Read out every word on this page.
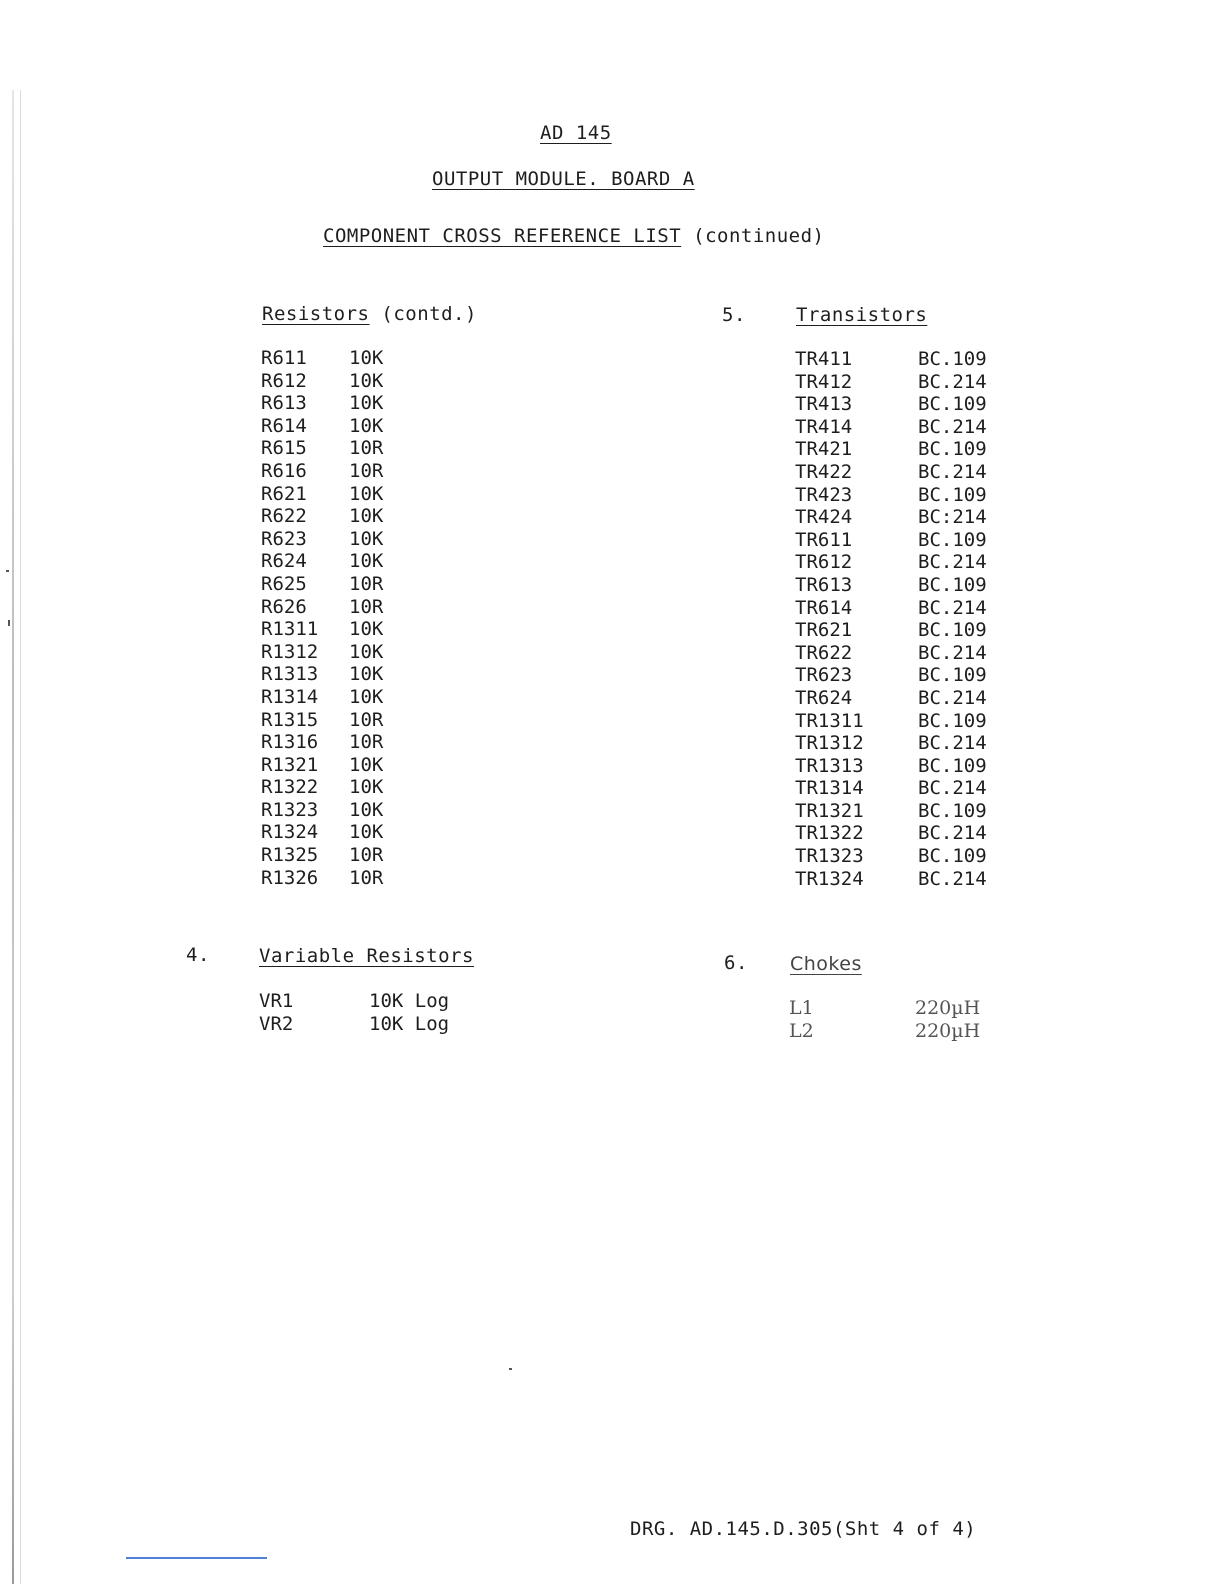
AD 145
OUTPUT MODULE. BOARD A
COMPONENT CROSS REFERENCE LIST (continued)
Resistors (contd.)
R611	10K
R612	10K
R613	10K
R614	10K
R615	10R
R616	10R
R621	10K
R622	10K
R623	10K
R624	10K
R625	10R
R626	10R
R1311	10K
R1312	10K
R1313	10K
R1314	10K
R1315	10R
R1316	10R
R1321	10K
R1322	10K
R1323	10K
R1324	10K
R1325	10R
R1326	10R
5.	Transistors
TR411	BC.109
TR412	BC.214
TR413	BC.109
TR414	BC.214
TR421	BC.109
TR422	BC.214
TR423	BC.109
TR424	BC:214
TR611	BC.109
TR612	BC.214
TR613	BC.109
TR614	BC.214
TR621	BC.109
TR622	BC.214
TR623	BC.109
TR624	BC.214
TR1311	BC.109
TR1312	BC.214
TR1313	BC.109
TR1314	BC.214
TR1321	BC.109
TR1322	BC.214
TR1323	BC.109
TR1324	BC.214
4.	Variable Resistors
VR1	10K Log
VR2	10K Log
6. Chokes
L1	220µH
L2	220µH
DRG. AD.145.D.305(Sht 4 of 4)
